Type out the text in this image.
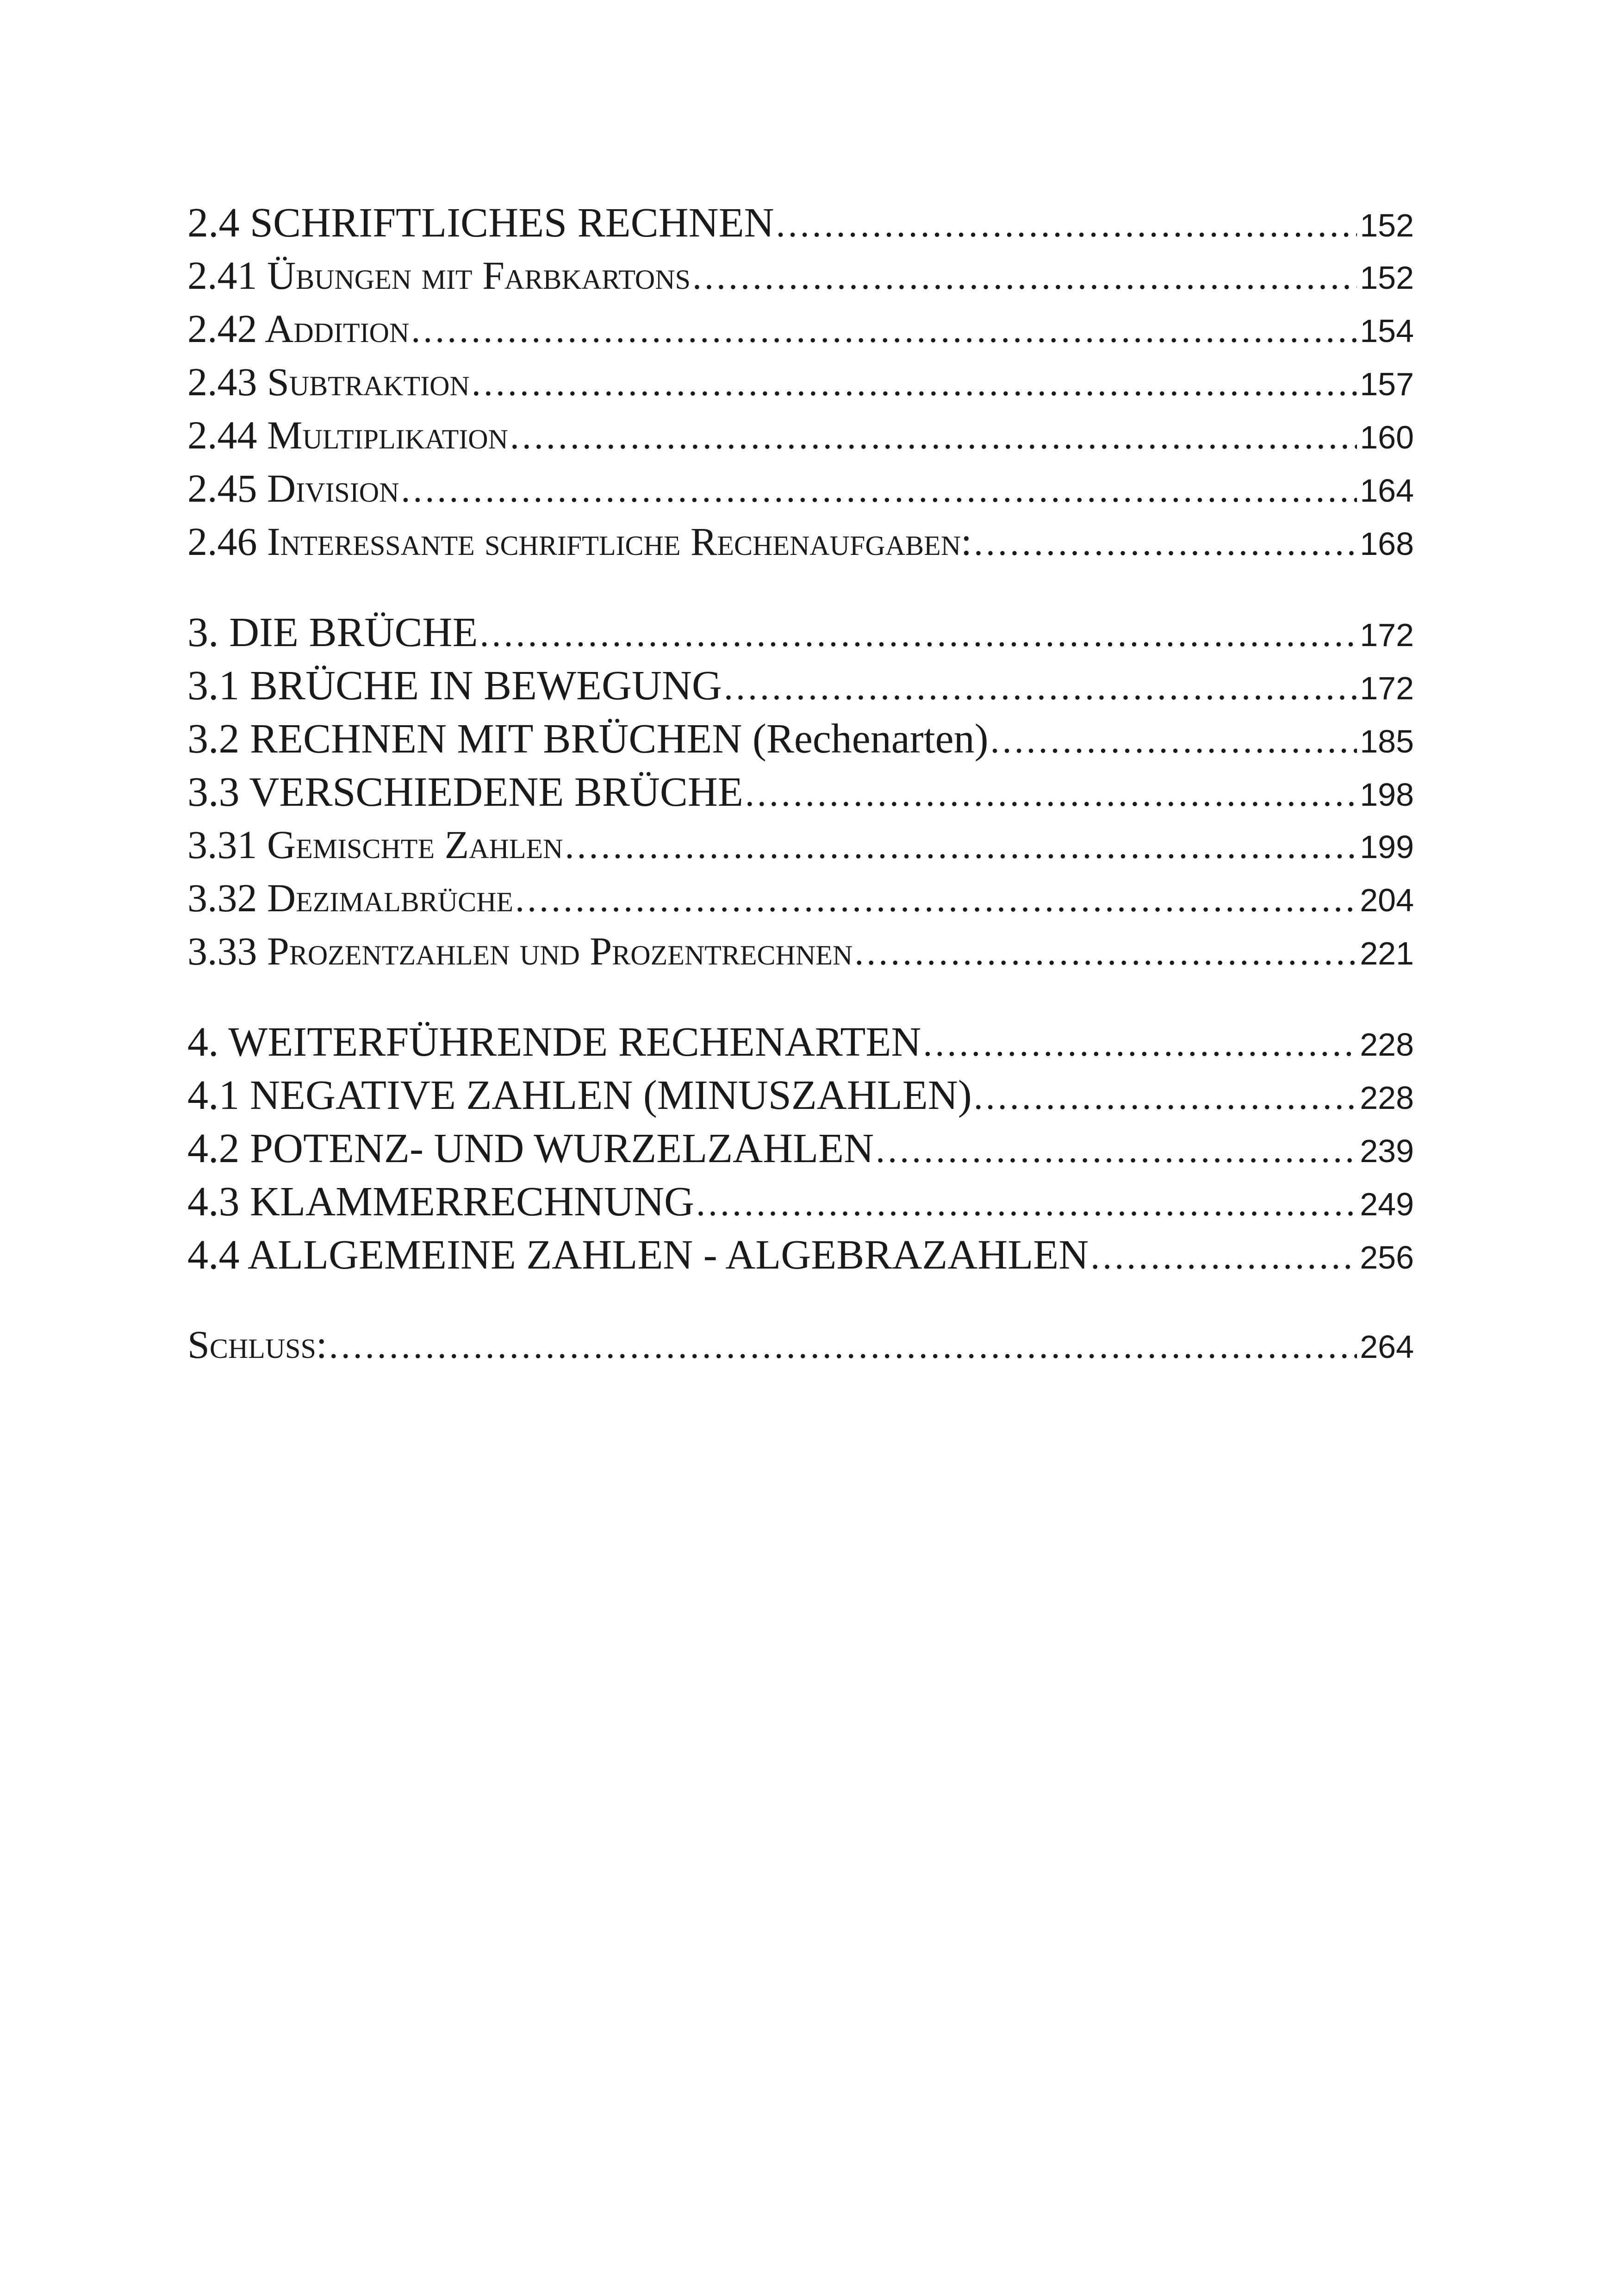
2.4 SCHRIFTLICHES RECHNEN .....	152
2.41 Übungen mit Farbkartons .....	152
2.42 Addition .....	154
2.43 Subtraktion .....	157
2.44 Multiplikation .....	160
2.45 Division .....	164
2.46 Interessante schriftliche Rechenaufgaben: .....	168
3. DIE BRÜCHE .....	172
3.1 BRÜCHE IN BEWEGUNG .....	172
3.2 RECHNEN MIT BRÜCHEN (Rechenarten) .....	185
3.3 VERSCHIEDENE BRÜCHE .....	198
3.31 Gemischte Zahlen .....	199
3.32 Dezimalbrüche .....	204
3.33 Prozentzahlen und Prozentrechnen .....	221
4. WEITERFÜHRENDE RECHENARTEN .....	228
4.1 NEGATIVE ZAHLEN (MINUSZAHLEN) .....	228
4.2 POTENZ- UND WURZELZAHLEN .....	239
4.3 KLAMMERRECHNUNG .....	249
4.4 ALLGEMEINE ZAHLEN - ALGEBRAZAHLEN .....	256
Schluss: .....	264
